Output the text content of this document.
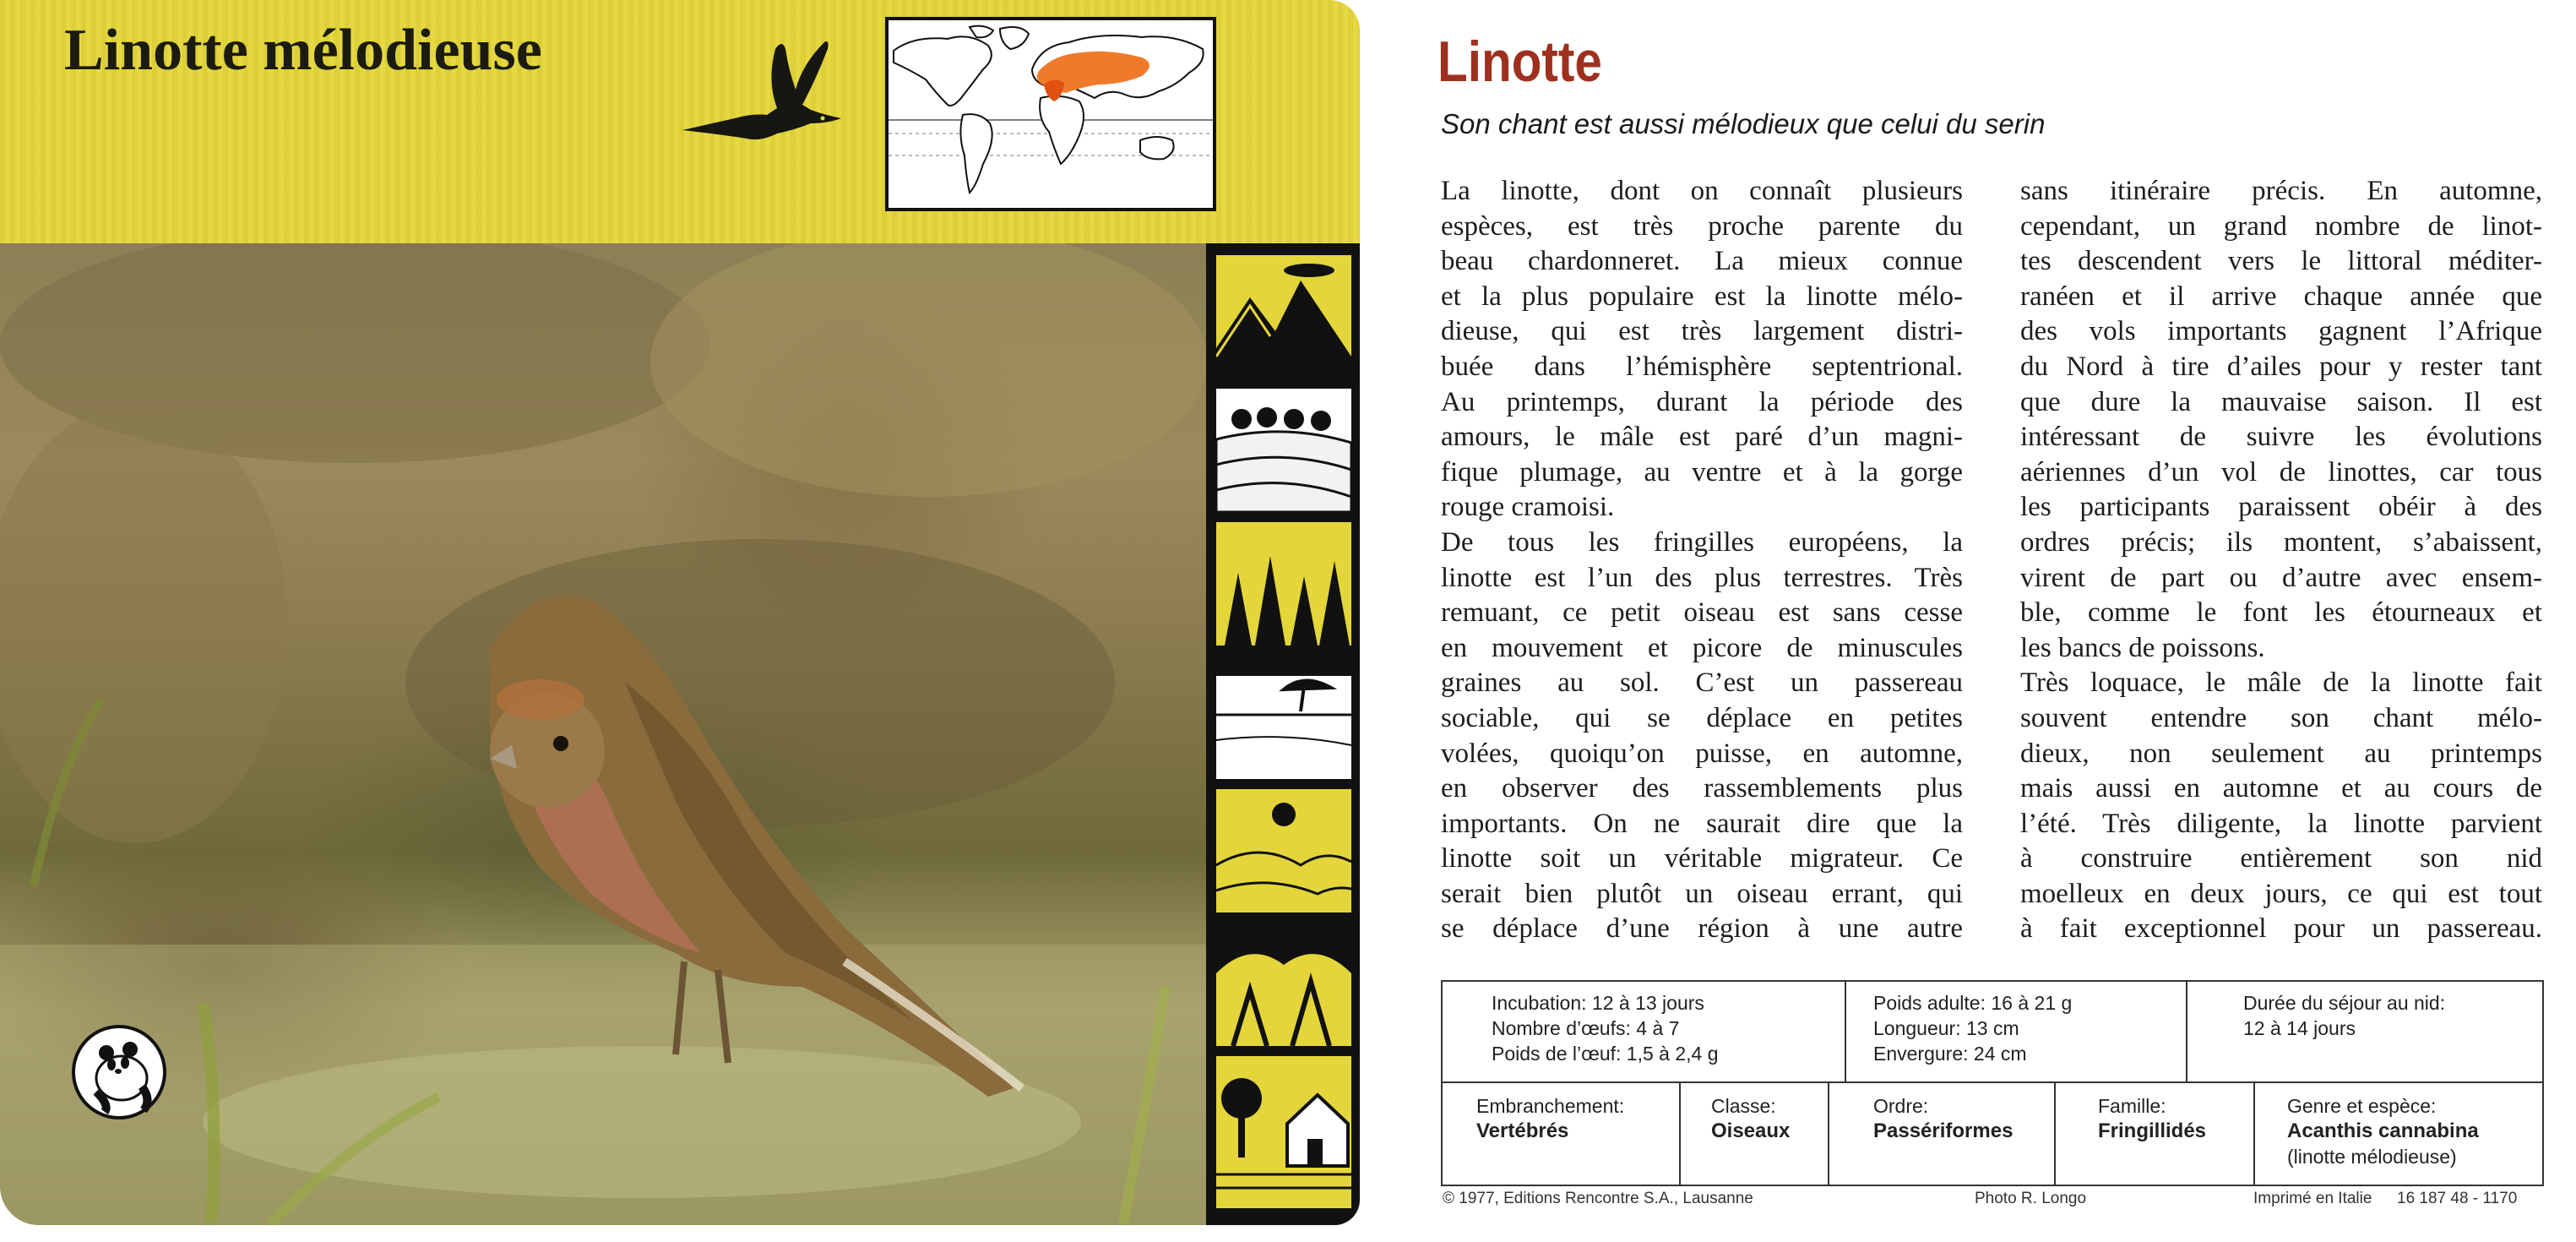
Linotte mélodieuse	Linotte
Son chant est aussi mélodieux que celui du serin
La linotte, dont on connaît plusieurs
espèces, est très proche parente du
beau chardonneret. La mieux connue
et la plus populaire est la linotte mélo-
dieuse, qui est très largement distri-
buée dans l’hémisphère septentrional.
Au printemps, durant la période des
amours, le mâle est paré d’un magni-
fique plumage, au ventre et à la gorge
rouge cramoisi.
De tous les fringilles européens, la
linotte est l’un des plus terrestres. Très
remuant, ce petit oiseau est sans cesse
en mouvement et picore de minuscules
graines au sol. C’est un passereau
sociable, qui se déplace en petites
volées, quoiqu’on puisse, en automne,
en observer des rassemblements plus
importants. On ne saurait dire que la
linotte soit un véritable migrateur. Ce
serait bien plutôt un oiseau errant, qui
se déplace d’une région à une autre
sans itinéraire précis. En automne,
cependant, un grand nombre de linot-
tes descendent vers le littoral méditer-
ranéen et il arrive chaque année que
des vols importants gagnent l’Afrique
du Nord à tire d’ailes pour y rester tant
que dure la mauvaise saison. Il est
intéressant de suivre les évolutions
aériennes d’un vol de linottes, car tous
les participants paraissent obéir à des
ordres précis; ils montent, s’abaissent,
virent de part ou d’autre avec ensem-
ble, comme le font les étourneaux et
les bancs de poissons.
Très loquace, le mâle de la linotte fait
souvent entendre son chant mélo-
dieux, non seulement au printemps
mais aussi en automne et au cours de
l’été. Très diligente, la linotte parvient
à construire entièrement son nid
moelleux en deux jours, ce qui est tout
à fait exceptionnel pour un passereau.
Incubation: 12 à 13 jours
Nombre d’œufs: 4 à 7
Poids de l’œuf: 1,5 à 2,4 g
Poids adulte: 16 à 21 g
Longueur: 13 cm
Envergure: 24 cm
Durée du séjour au nid:
12 à 14 jours
Embranchement:
Vertébrés
Classe:
Oiseaux
Ordre:
Passériformes
Famille:
Fringillidés
Genre et espèce:
Acanthis cannabina
(linotte mélodieuse)
© 1977, Editions Rencontre S.A., Lausanne	Photo R. Longo	Imprimé en Italie 16 187 48 - 1170
